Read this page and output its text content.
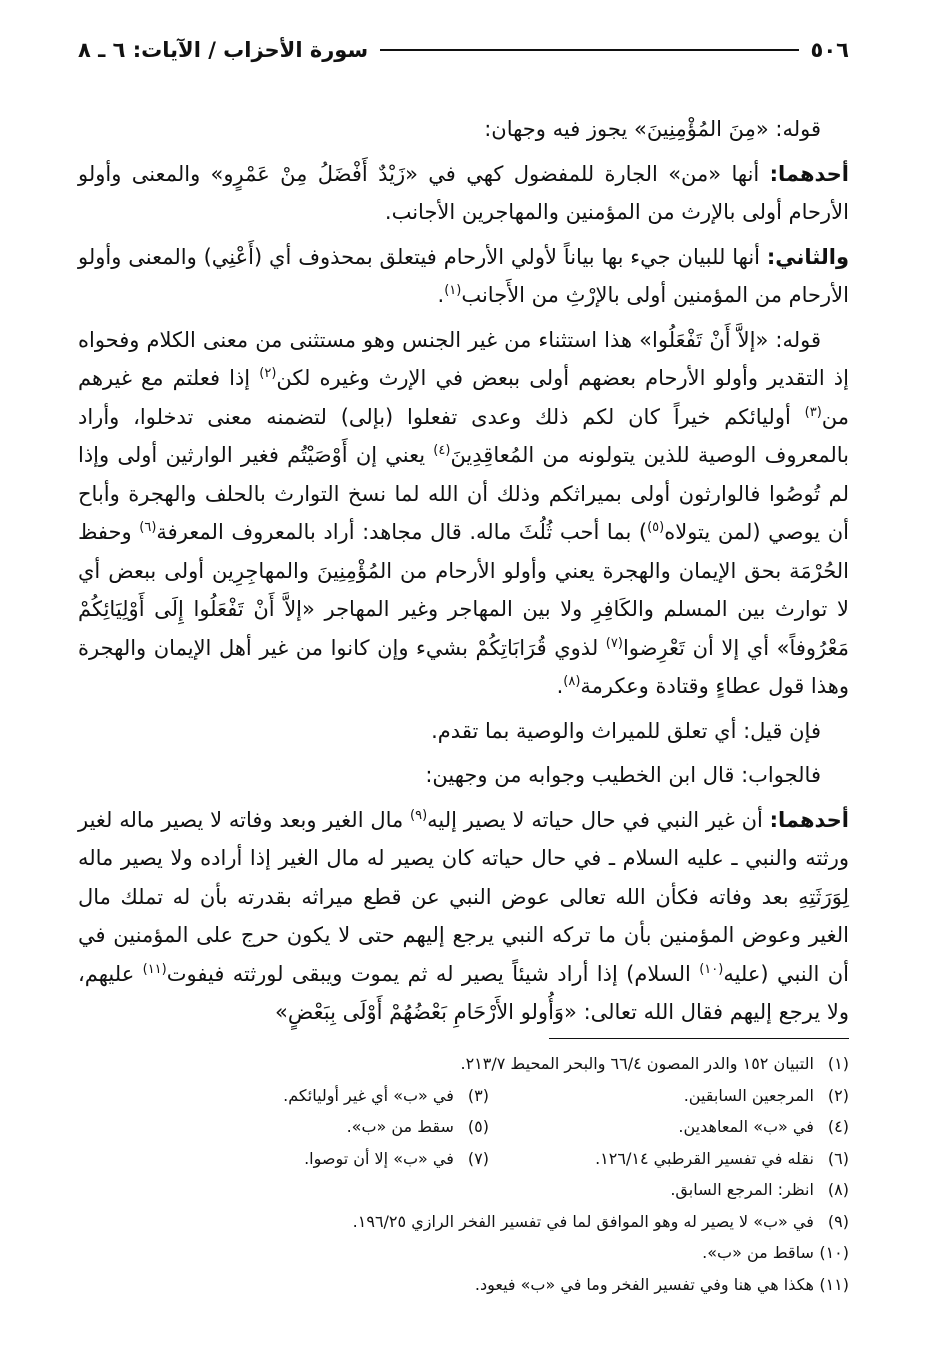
٥٠٦
سورة الأحزاب / الآيات: ٦ ـ ٨

قوله: «مِنَ المُؤْمِنِينَ» يجوز فيه وجهان:

أحدهما: أنها «من» الجارة للمفضول كهي في «زَيْدٌ أَفْضَلُ مِنْ عَمْرٍو» والمعنى وأولو الأرحام أولى بالإرث من المؤمنين والمهاجرين الأجانب.

والثاني: أنها للبيان جيء بها بياناً لأولي الأرحام فيتعلق بمحذوف أي (أَعْنِي) والمعنى وأولو الأرحام من المؤمنين أولى بالإرْثِ من الأَجانب$^{(١)}$.

قوله: «إلاَّ أَنْ تَفْعَلُوا» هذا استثناء من غير الجنس وهو مستثنى من معنى الكلام وفحواه إذ التقدير وأولو الأرحام بعضهم أولى ببعض في الإرث وغيره لكن$^{(٢)}$ إذا فعلتم مع غيرهم من$^{(٣)}$ أوليائكم خيراً كان لكم ذلك وعدى تفعلوا (بإلى) لتضمنه معنى تدخلوا، وأراد بالمعروف الوصية للذين يتولونه من المُعاقِدِينَ$^{(٤)}$ يعني إن أَوْصَيْتُم فغير الوارثين أولى وإذا لم تُوصُوا فالوارثون أولى بميراثكم وذلك أن الله لما نسخ التوارث بالحلف والهجرة وأباح أن يوصي (لمن يتولاه$^{(٥)}$) بما أحب ثُلُثَ ماله. قال مجاهد: أراد بالمعروف المعرفة$^{(٦)}$ وحفظ الحُرْمَة بحق الإيمان والهجرة يعني وأولو الأرحام من المُؤْمِنِينَ والمهاجِرِين أولى ببعض أي لا توارث بين المسلم والكَافِرِ ولا بين المهاجر وغير المهاجر «إلاَّ أَنْ تَفْعَلُوا إِلَى أَوْلِيَائِكُمْ مَعْرُوفاً» أي إلا أن تَعْرِضوا$^{(٧)}$ لذوي قُرَابَاتِكُمْ بشيء وإن كانوا من غير أهل الإيمان والهجرة وهذا قول عطاءٍ وقتادة وعكرمة$^{(٨)}$.

فإن قيل: أي تعلق للميراث والوصية بما تقدم.

فالجواب: قال ابن الخطيب وجوابه من وجهين:

أحدهما: أن غير النبي في حال حياته لا يصير إليه$^{(٩)}$ مال الغير وبعد وفاته لا يصير ماله لغير ورثته والنبي ـ عليه السلام ـ في حال حياته كان يصير له مال الغير إذا أراده ولا يصير ماله لِوَرَثَتِهِ بعد وفاته فكأن الله تعالى عوض النبي عن قطع ميراثه بقدرته بأن له تملك مال الغير وعوض المؤمنين بأن ما تركه النبي يرجع إليهم حتى لا يكون حرج على المؤمنين في أن النبي (عليه$^{(١٠)}$ السلام) إذا أراد شيئاً يصير له ثم يموت ويبقى لورثته فيفوت$^{(١١)}$ عليهم، ولا يرجع إليهم فقال الله تعالى: «وَأُولو الأَرْحَامِ بَعْضُهُمْ أَوْلَى بِبَعْضٍ»

(١) التبيان ١٥٢ والدر المصون ٦٦/٤ والبحر المحيط ٢١٣/٧.
(٢) المرجعين السابقين.
(٣) في «ب» أي غير أوليائكم.
(٤) في «ب» المعاهدين.
(٥) سقط من «ب».
(٦) نقله في تفسير القرطبي ١٢٦/١٤.
(٧) في «ب» إلا أن توصوا.
(٨) انظر: المرجع السابق.
(٩) في «ب» لا يصير له وهو الموافق لما في تفسير الفخر الرازي ١٩٦/٢٥.
(١٠) ساقط من «ب».
(١١) هكذا هي هنا وفي تفسير الفخر وما في «ب» فيعود.
